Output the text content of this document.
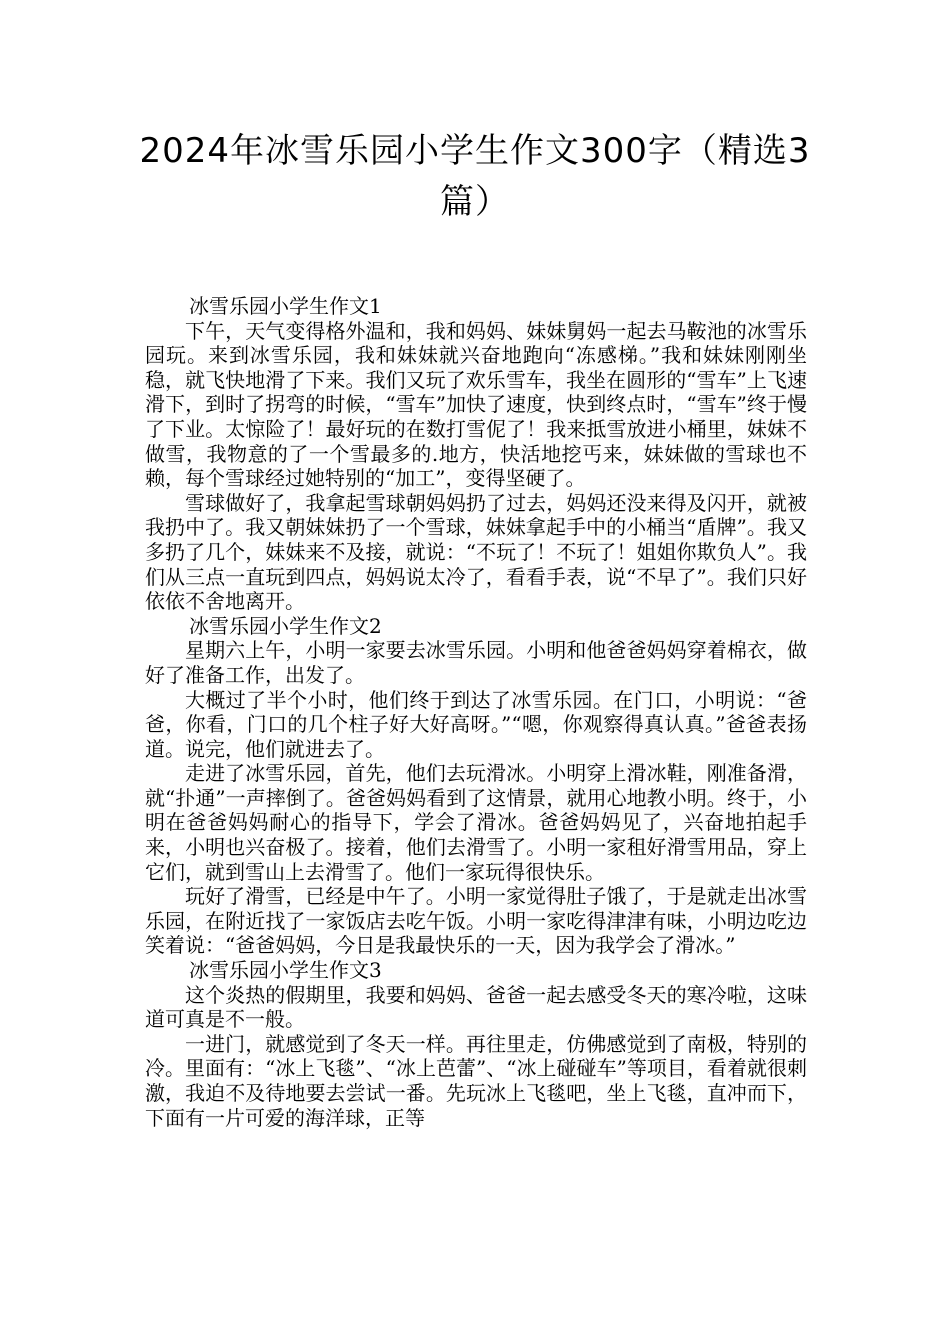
2024年冰雪乐园小学生作文300字（精选3篇）

冰雪乐园小学生作文1

下午，天气变得格外温和，我和妈妈、妹妹舅妈一起去马鞍池的冰雪乐园玩。来到冰雪乐园，我和妹妹就兴奋地跑向“冻感梯。”我和妹妹刚刚坐稳，就飞快地滑了下来。我们又玩了欢乐雪车，我坐在圆形的“雪车”上飞速滑下，到时了拐弯的时候，“雪车”加快了速度，快到终点时，“雪车”终于慢了下业。太惊险了！最好玩的在数打雪伲了！我来抵雪放进小桶里，妹妹不做雪，我物意的了一个雪最多的.地方，快活地挖丐来，妹妹做的雪球也不赖，每个雪球经过她特别的“加工”，变得坚硬了。

雪球做好了，我拿起雪球朝妈妈扔了过去，妈妈还没来得及闪开，就被我扔中了。我又朝妹妹扔了一个雪球，妹妹拿起手中的小桶当“盾牌”。我又多扔了几个，妹妹来不及接，就说：“不玩了！不玩了！姐姐你欺负人”。我们从三点一直玩到四点，妈妈说太冷了，看看手表，说“不早了”。我们只好依依不舍地离开。

冰雪乐园小学生作文2

星期六上午，小明一家要去冰雪乐园。小明和他爸爸妈妈穿着棉衣，做好了准备工作，出发了。

大概过了半个小时，他们终于到达了冰雪乐园。在门口，小明说：“爸爸，你看，门口的几个柱子好大好高呀。”“嗯，你观察得真认真。”爸爸表扬道。说完，他们就进去了。

走进了冰雪乐园，首先，他们去玩滑冰。小明穿上滑冰鞋，刚准备滑，就“扑通”一声摔倒了。爸爸妈妈看到了这情景，就用心地教小明。终于，小明在爸爸妈妈耐心的指导下，学会了滑冰。爸爸妈妈见了，兴奋地拍起手来，小明也兴奋极了。接着，他们去滑雪了。小明一家租好滑雪用品，穿上它们，就到雪山上去滑雪了。他们一家玩得很快乐。

玩好了滑雪，已经是中午了。小明一家觉得肚子饿了，于是就走出冰雪乐园，在附近找了一家饭店去吃午饭。小明一家吃得津津有味，小明边吃边笑着说：“爸爸妈妈，今日是我最快乐的一天，因为我学会了滑冰。”

冰雪乐园小学生作文3

这个炎热的假期里，我要和妈妈、爸爸一起去感受冬天的寒冷啦，这味道可真是不一般。

一进门，就感觉到了冬天一样。再往里走，仿佛感觉到了南极，特别的冷。里面有：“冰上飞毯”、“冰上芭蕾”、“冰上碰碰车”等项目，看着就很刺激，我迫不及待地要去尝试一番。先玩冰上飞毯吧，坐上飞毯，直冲而下，下面有一片可爱的海洋球，正等
